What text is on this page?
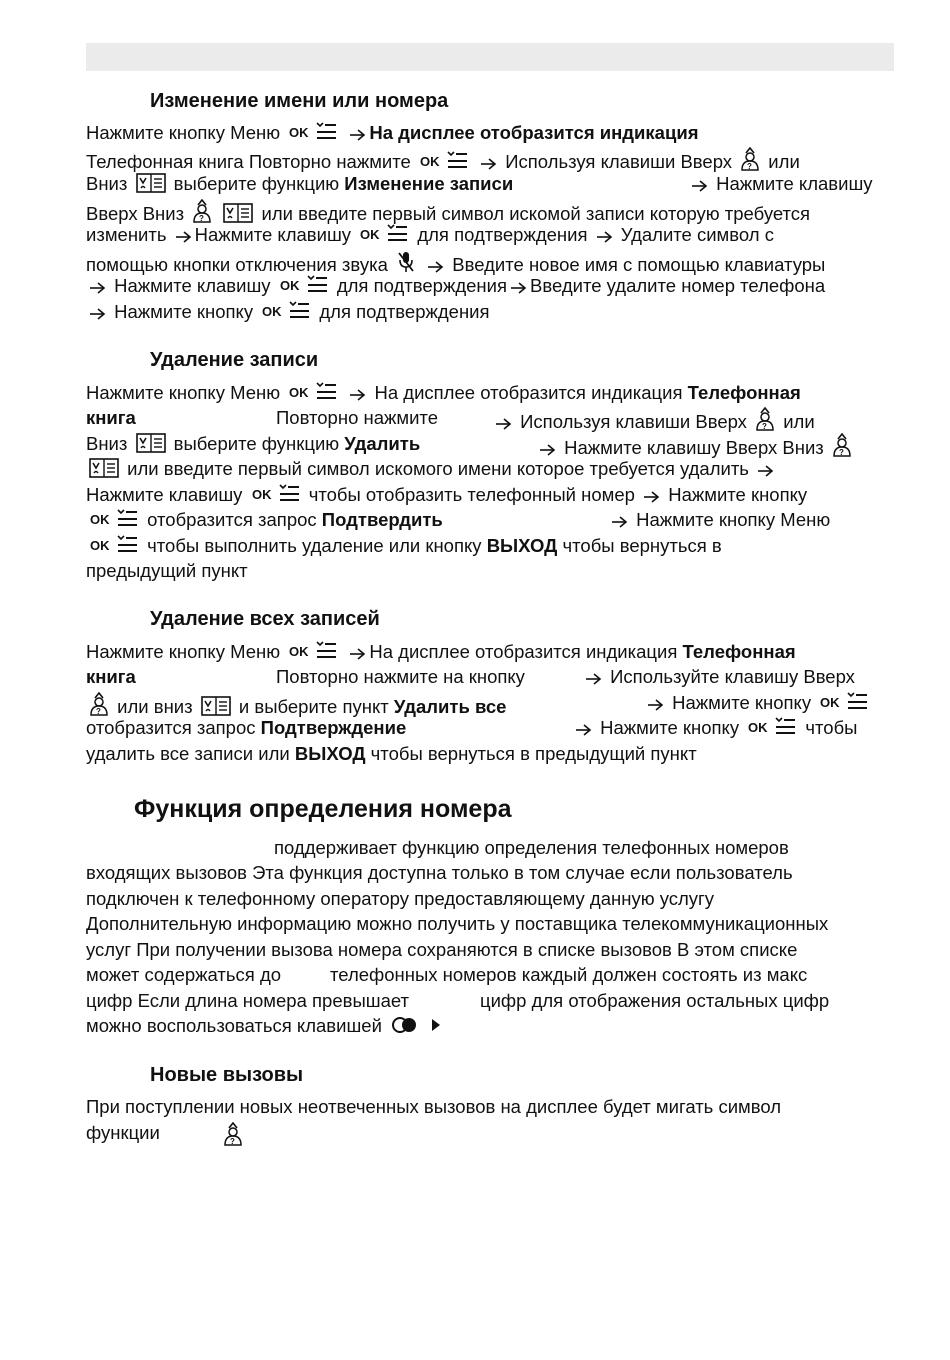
Изменение имени или номера
Нажмите кнопку Меню OK	На дисплее отобразится индикация
Телефонная книга Повторно нажмите OK	Используя клавиши Вверх ? или
Вниз  выберите функцию Изменение записи	Нажмите клавишу
Вверх Вниз ?	или введите первый символ искомой записи которую требуется
изменить Нажмите клавишу OK для подтверждения  Удалите символ с
помощью кнопки отключения звука	Введите новое имя с помощью клавиатуры
Нажмите клавишу OK для подтверждения Введите удалите номер телефона
Нажмите кнопку OK для подтверждения
Удаление записи
Нажмите кнопку Меню OK	На дисплее отобразится индикация Телефонная
книга	Повторно нажмите	Используя клавиши Вверх ? или
Вниз  выберите функцию Удалить	Нажмите клавишу Вверх Вниз ?
или введите первый символ искомого имени которое требуется удалить
Нажмите клавишу OK чтобы отобразить телефонный номер  Нажмите кнопку
OK отобразится запрос Подтвердить	Нажмите кнопку Меню
OK чтобы выполнить удаление или кнопку ВЫХОД чтобы вернуться в
предыдущий пункт
Удаление всех записей
Нажмите кнопку Меню OK	На дисплее отобразится индикация Телефонная
книга	Повторно нажмите на кнопку	Используйте клавишу Вверх
? или вниз  и выберите пункт Удалить все	Нажмите кнопку OK
отобразится запрос Подтверждение	Нажмите кнопку OK чтобы
удалить все записи или ВЫХОД чтобы вернуться в предыдущий пункт
Функция определения номера
поддерживает функцию определения телефонных номеров
входящих вызовов Эта функция доступна только в том случае если пользователь
подключен к телефонному оператору предоставляющему данную услугу
Дополнительную информацию можно получить у поставщика телекоммуникационных
услуг При получении вызова номера сохраняются в списке вызовов В этом списке
может содержаться до	телефонных номеров каждый должен состоять из макс
цифр Если длина номера превышает	цифр для отображения остальных цифр
можно воспользоваться клавишей
Новые вызовы
При поступлении новых неотвеченных вызовов на дисплее будет мигать символ
функции	?
